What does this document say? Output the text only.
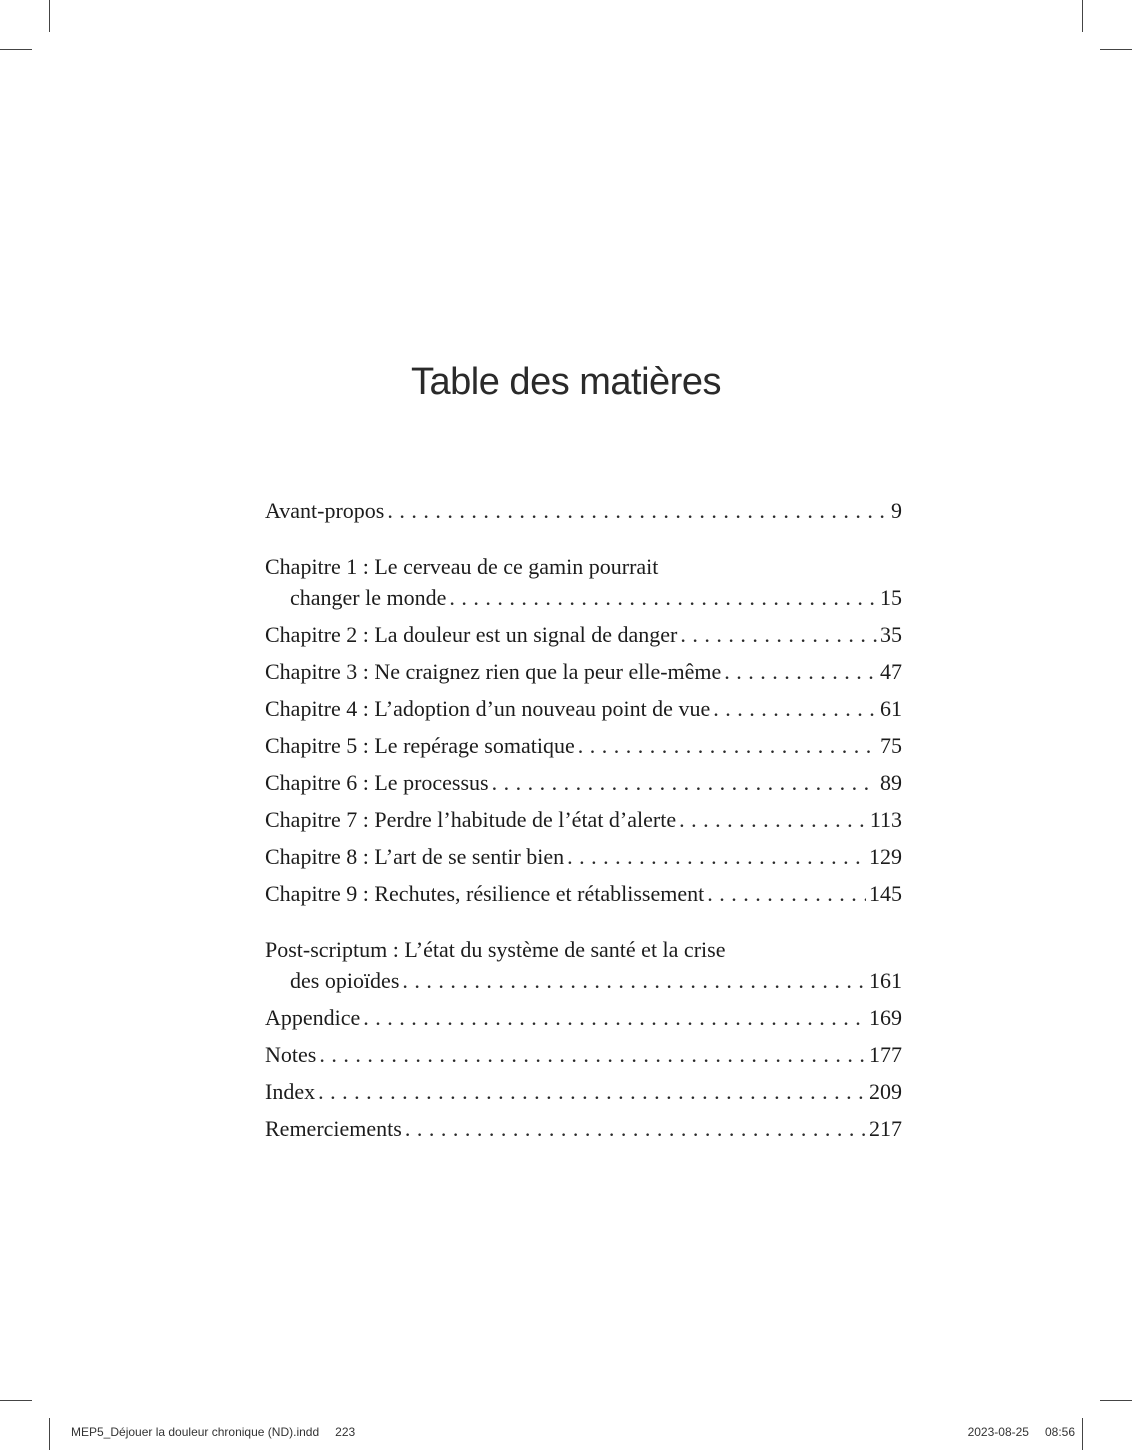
Table des matières
Avant-propos . . .	9
Chapitre 1 : Le cerveau de ce gamin pourrait
changer le monde . . .	15
Chapitre 2 : La douleur est un signal de danger . . .	35
Chapitre 3 : Ne craignez rien que la peur elle-même . . .	47
Chapitre 4 : L’adoption d’un nouveau point de vue . . .	61
Chapitre 5 : Le repérage somatique . . .	75
Chapitre 6 : Le processus . . .	89
Chapitre 7 : Perdre l’habitude de l’état d’alerte . . .	113
Chapitre 8 : L’art de se sentir bien . . .	129
Chapitre 9 : Rechutes, résilience et rétablissement . . .	145
Post-scriptum : L’état du système de santé et la crise
des opioïdes . . .	161
Appendice . . .	169
Notes . . .	177
Index . . .	209
Remerciements . . .	217
MEP5_Déjouer la douleur chronique (ND).indd 223	2023-08-25 08:56
